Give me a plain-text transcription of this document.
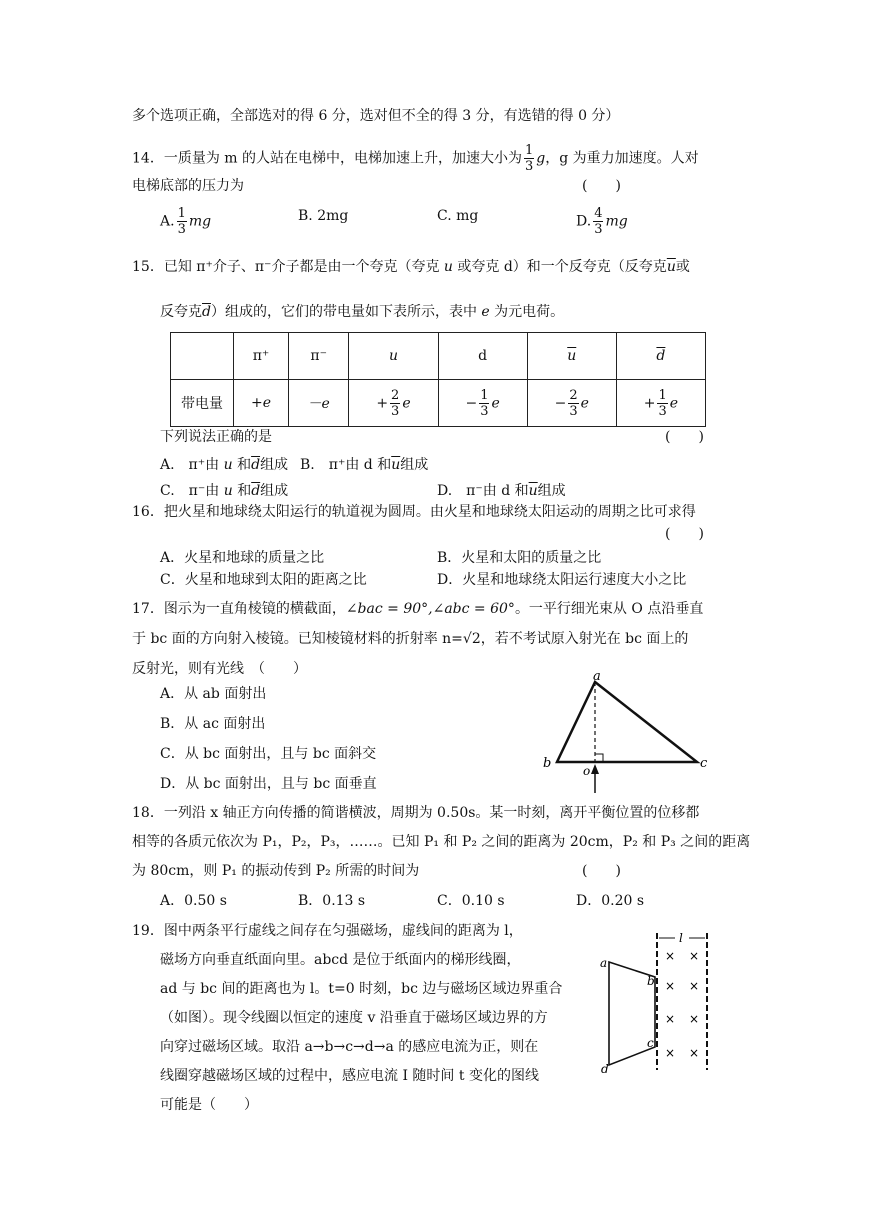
多个选项正确，全部选对的得 6 分，选对但不全的得 3 分，有选错的得 0 分）
14．一质量为 m 的人站在电梯中，电梯加速上升，加速大小为 $\frac{1}{3}$ g，g 为重力加速度。人对
电梯底部的压力为	(　　)
A. $\frac{1}{3}$ mg	B. 2mg	C. mg	D. $\frac{4}{3}$ mg
15．已知 π⁺介子、π⁻介子都是由一个夸克（夸克 u 或夸克 d）和一个反夸克（反夸克$\overline{u}$或
反夸克$\overline{d}$）组成的，它们的带电量如下表所示，表中 e 为元电荷。
	π⁺	π⁻	u	d	$\overline{u}$	$\overline{d}$
带电量	+e	－e	+ $\frac{2}{3}$ e	− $\frac{1}{3}$ e	− $\frac{2}{3}$ e	+ $\frac{1}{3}$ e
下列说法正确的是	(　　)
A.　π⁺由 u 和$\overline{d}$组成 B.　π⁺由 d 和$\overline{u}$组成
C.　π⁻由 u 和$\overline{d}$组成	D.　π⁻由 d 和$\overline{u}$组成
16．把火星和地球绕太阳运行的轨道视为圆周。由火星和地球绕太阳运动的周期之比可求得
(　　)
A．火星和地球的质量之比	B．火星和太阳的质量之比
C．火星和地球到太阳的距离之比	D．火星和地球绕太阳运行速度大小之比
17．图示为一直角棱镜的横截面，∠bac = 90°,∠abc = 60°。一平行细光束从 O 点沿垂直
于 bc 面的方向射入棱镜。已知棱镜材料的折射率 n=√2，若不考试原入射光在 bc 面上的
反射光，则有光线　（　　）
A．从 ab 面射出
B．从 ac 面射出
C．从 bc 面射出，且与 bc 面斜交
D．从 bc 面射出，且与 bc 面垂直
a
b	c
o
18．一列沿 x 轴正方向传播的简谐横波，周期为 0.50s。某一时刻，离开平衡位置的位移都
相等的各质元依次为 P₁，P₂，P₃，……。已知 P₁ 和 P₂ 之间的距离为 20cm，P₂ 和 P₃ 之间的距离
为 80cm，则 P₁ 的振动传到 P₂ 所需的时间为	(　　)
A．0.50 s	B．0.13 s	C．0.10 s	D．0.20 s
19．图中两条平行虚线之间存在匀强磁场，虚线间的距离为 l，
磁场方向垂直纸面向里。abcd 是位于纸面内的梯形线圈，
ad 与 bc 间的距离也为 l。t=0 时刻，bc 边与磁场区域边界重合
（如图）。现令线圈以恒定的速度 v 沿垂直于磁场区域边界的方
向穿过磁场区域。取沿 a→b→c→d→a 的感应电流为正，则在
线圈穿越磁场区域的过程中，感应电流 I 随时间 t 变化的图线
可能是（　　）
l
a
b
c
d
× ×
× ×
× ×
× ×
